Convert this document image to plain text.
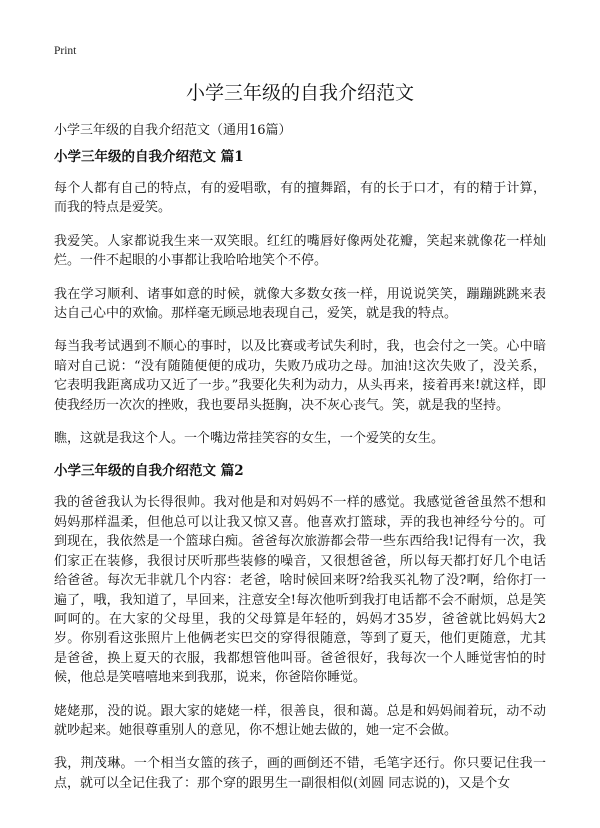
Print
小学三年级的自我介绍范文
小学三年级的自我介绍范文（通用16篇）
小学三年级的自我介绍范文 篇1

每个人都有自己的特点，有的爱唱歌，有的擅舞蹈，有的长于口才，有的精于计算，而我的特点是爱笑。

我爱笑。人家都说我生来一双笑眼。红红的嘴唇好像两处花瓣，笑起来就像花一样灿烂。一件不起眼的小事都让我哈哈地笑个不停。

我在学习顺利、诸事如意的时候，就像大多数女孩一样，用说说笑笑，蹦蹦跳跳来表达自己心中的欢愉。那样毫无顾忌地表现自己，爱笑，就是我的特点。

每当我考试遇到不顺心的事时，以及比赛或考试失利时，我，也会付之一笑。心中暗暗对自己说：“没有随随便便的成功，失败乃成功之母。加油!这次失败了，没关系，它表明我距离成功又近了一步。”我要化失利为动力，从头再来，接着再来!就这样，即使我经历一次次的挫败，我也要昂头挺胸，决不灰心丧气。笑，就是我的坚持。

瞧，这就是我这个人。一个嘴边常挂笑容的女生，一个爱笑的女生。

小学三年级的自我介绍范文 篇2

我的爸爸我认为长得很帅。我对他是和对妈妈不一样的感觉。我感觉爸爸虽然不想和妈妈那样温柔，但他总可以让我又惊又喜。他喜欢打篮球，弄的我也神经兮兮的。可到现在，我依然是一个篮球白痴。爸爸每次旅游都会带一些东西给我!记得有一次，我们家正在装修，我很讨厌听那些装修的噪音，又很想爸爸，所以每天都打好几个电话给爸爸。每次无非就几个内容：老爸，啥时候回来呀?给我买礼物了没?啊，给你打一遍了，哦，我知道了，早回来，注意安全!每次他听到我打电话都不会不耐烦，总是笑呵呵的。在大家的父母里，我的父母算是年轻的，妈妈才35岁，爸爸就比妈妈大2岁。你别看这张照片上他俩老实巴交的穿得很随意，等到了夏天，他们更随意，尤其是爸爸，换上夏天的衣服，我都想管他叫哥。爸爸很好，我每次一个人睡觉害怕的时候，他总是笑嘻嘻地来到我那，说来，你爸陪你睡觉。

姥姥那，没的说。跟大家的姥姥一样，很善良，很和蔼。总是和妈妈闹着玩，动不动就吵起来。她很尊重别人的意见，你不想让她去做的，她一定不会做。

我，荆茂琳。一个相当女篮的孩子，画的画倒还不错，毛笔字还行。你只要记住我一点，就可以全记住我了：那个穿的跟男生一副很相似(刘圆 同志说的)，又是个女
